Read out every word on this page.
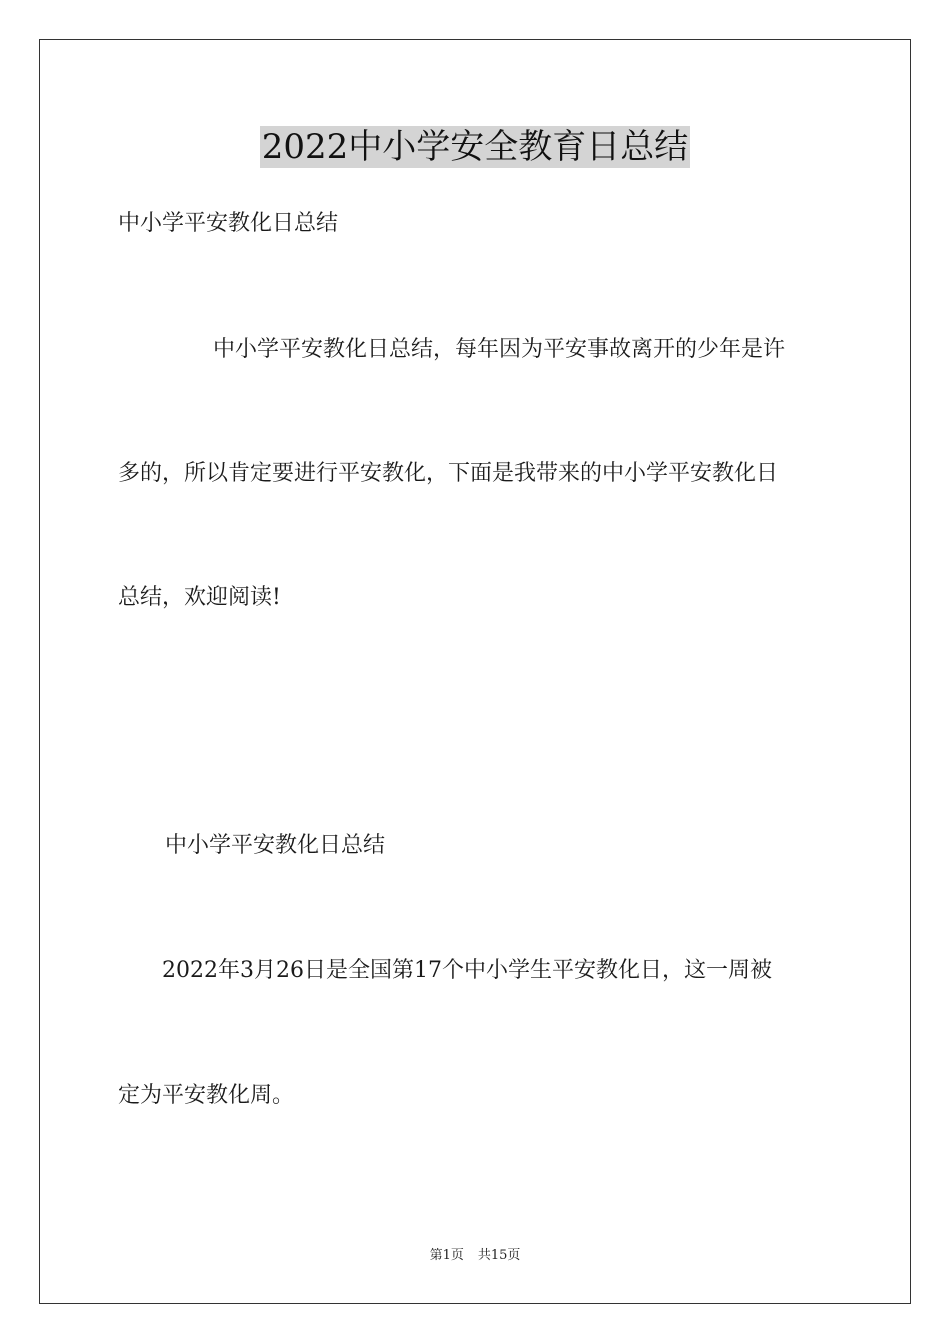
2022中小学安全教育日总结
中小学平安教化日总结
中小学平安教化日总结，每年因为平安事故离开的少年是许
多的，所以肯定要进行平安教化，下面是我带来的中小学平安教化日
总结，欢迎阅读!
中小学平安教化日总结
2022年3月26日是全国第17个中小学生平安教化日，这一周被
定为平安教化周。
第1页 共15页
